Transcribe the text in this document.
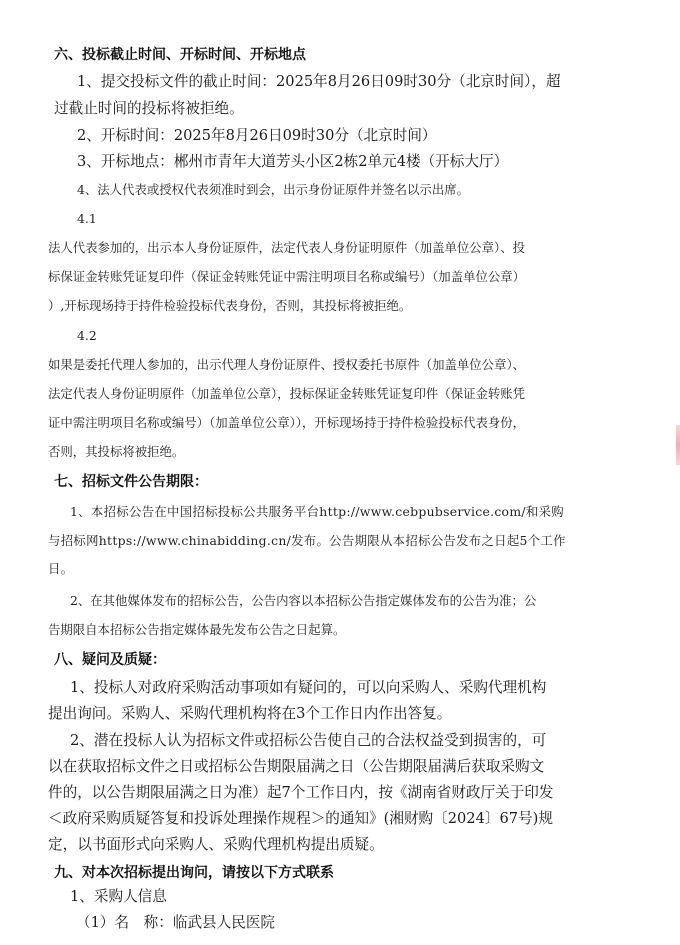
六、投标截止时间、开标时间、开标地点
1、提交投标文件的截止时间：2025年8月26日09时30分（北京时间），超
过截止时间的投标将被拒绝。
2、开标时间：2025年8月26日09时30分（北京时间）
3、开标地点：郴州市青年大道芳头小区2栋2单元4楼（开标大厅）
4、法人代表或授权代表须准时到会，出示身份证原件并签名以示出席。
4.1
法人代表参加的，出示本人身份证原件，法定代表人身份证明原件（加盖单位公章）、投
标保证金转账凭证复印件（保证金转账凭证中需注明项目名称或编号）（加盖单位公章）
）,开标现场持于持件检验投标代表身份，否则，其投标将被拒绝。
4.2
如果是委托代理人参加的，出示代理人身份证原件、授权委托书原件（加盖单位公章）、
法定代表人身份证明原件（加盖单位公章），投标保证金转账凭证复印件（保证金转账凭
证中需注明项目名称或编号）（加盖单位公章）），开标现场持于持件检验投标代表身份，
否则，其投标将被拒绝。
七、招标文件公告期限：
1、本招标公告在中国招标投标公共服务平台http://www.cebpubservice.com/和采购
与招标网https://www.chinabidding.cn/发布。公告期限从本招标公告发布之日起5个工作
日。
2、在其他媒体发布的招标公告，公告内容以本招标公告指定媒体发布的公告为准；公
告期限自本招标公告指定媒体最先发布公告之日起算。
八、疑问及质疑：
1、投标人对政府采购活动事项如有疑问的，可以向采购人、采购代理机构
提出询问。采购人、采购代理机构将在3个工作日内作出答复。
2、潜在投标人认为招标文件或招标公告使自己的合法权益受到损害的，可
以在获取招标文件之日或招标公告期限届满之日（公告期限届满后获取采购文
件的，以公告期限届满之日为准）起7个工作日内，按《湖南省财政厅关于印发
＜政府采购质疑答复和投诉处理操作规程＞的通知》(湘财购〔2024〕67号)规
定，以书面形式向采购人、采购代理机构提出质疑。
九、对本次招标提出询问，请按以下方式联系
1、采购人信息
（1）名　称：临武县人民医院
